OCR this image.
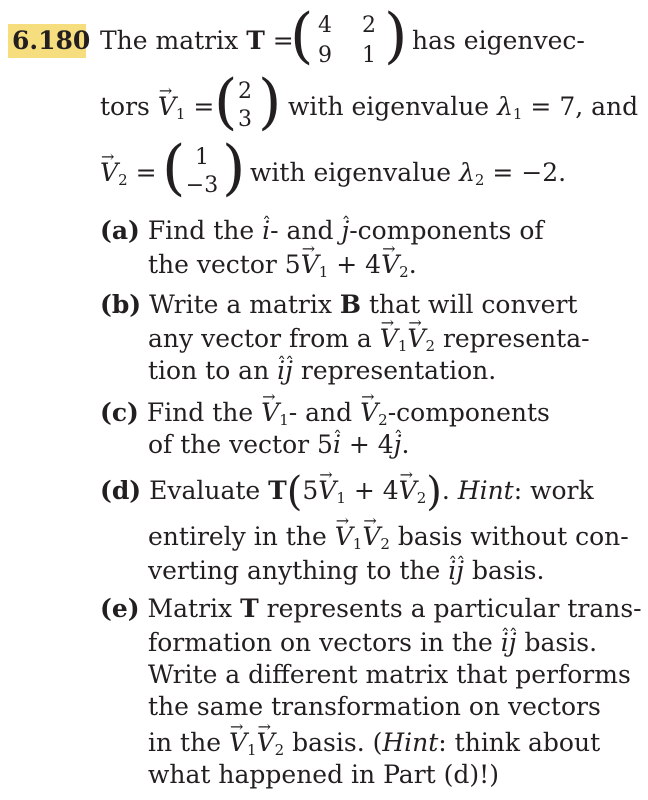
6.180 The matrix T =
( 4 2
9 1 ) has eigenvec-
tors → $V_1$ = ( 2
3 ) with eigenvalue $\lambda_1 = 7$, and
→ $V_2$ = ( 1
−3 ) with eigenvalue $\lambda_2 = -2$.
(a) Find the ˆ i- and ˆ j-components of
the vector $5\to V_1 + 4\to V_2$.
(b) Write a matrix B that will convert
any vector from $a \to V_1\to V_2$ representa-
tion to an ˆ iˆ j representation.
(c) Find the → $V_1-$ and → $V_2$-components
of the vector 5ˆ i + 4ˆ j.
(d) Evaluate $T(5\to V_1 + 4\to V_2)$. Hint: work
entirely in the → $V_1\to V_2$ basis without con-
verting anything to the ˆ iˆ j basis.
(e) Matrix T represents a particular trans-
formation on vectors in the ˆ iˆ j basis.
Write a different matrix that performs
the same transformation on vectors
in the → $V_1\to V_2$ basis. (Hint: think about
what happened in Part (d)!)
